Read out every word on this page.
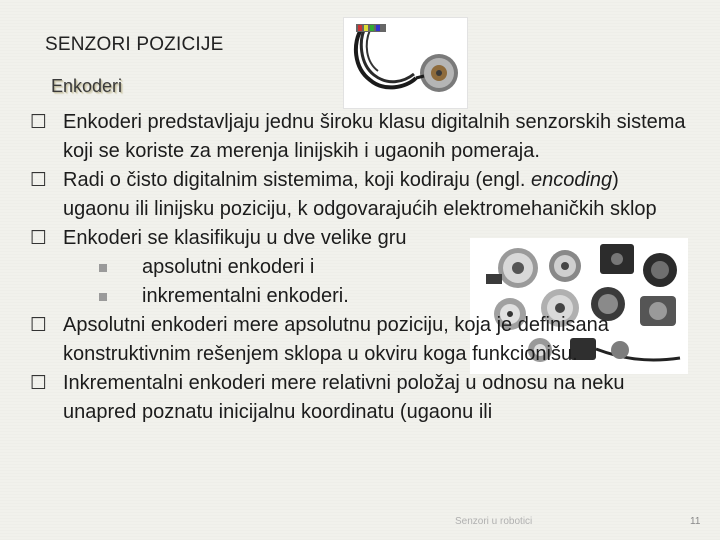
SENZORI POZICIJE
Enkoderi

☐ Enkoderi predstavljaju jednu široku klasu digitalnih senzorskih sistema koji se koriste za merenja linijskih i ugaonih pomeraja.

☐ Radi o čisto digitalnim sistemima, koji kodiraju (engl. encoding) ugaonu ili linijsku poziciju, k odgovarajućih elektromehaničkih sklop

☐ Enkoderi se klasifikuju u dve velike gru

apsolutni enkoderi i

inkrementalni enkoderi.

☐ Apsolutni enkoderi mere apsolutnu poziciju, koja je definisana konstruktivnim rešenjem sklopa u okviru koga funkcionišu.

☐ Inkrementalni enkoderi mere relativni položaj u odnosu na neku unapred poznatu inicijalnu koordinatu (ugaonu ili

Senzori u robotici	11
